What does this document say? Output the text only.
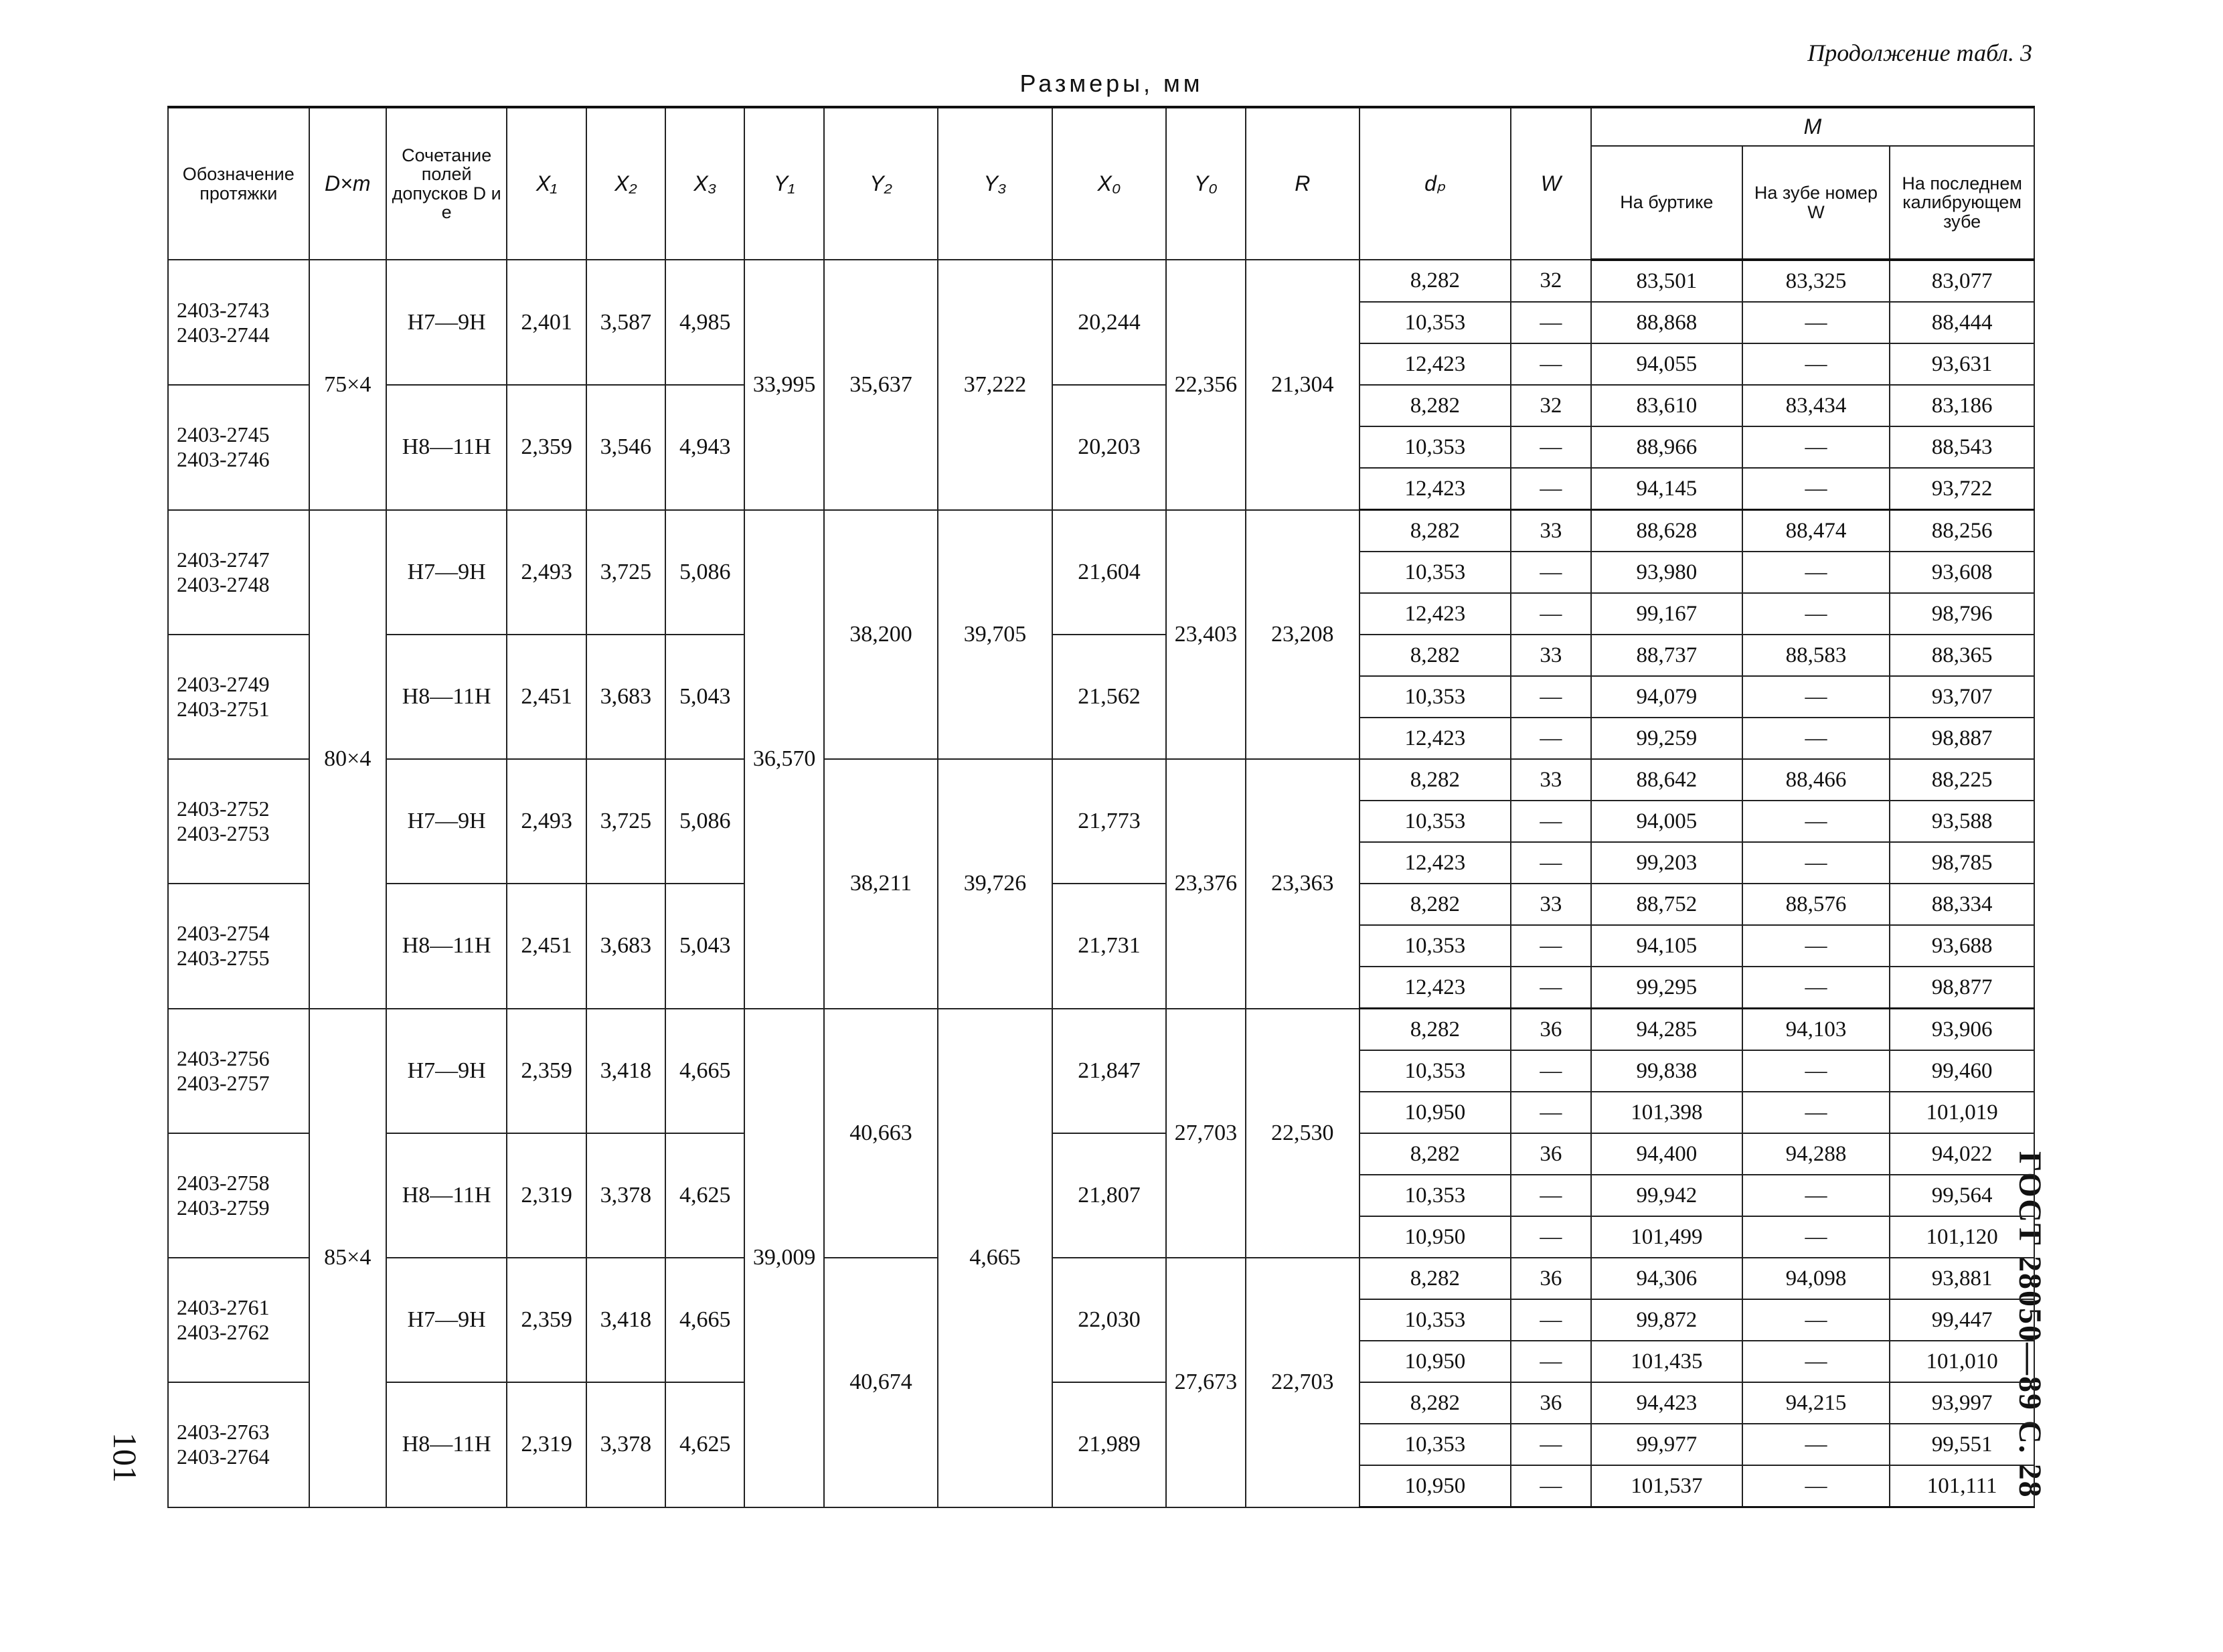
Продолжение табл. 3
Размеры, мм
ГОСТ 28050—89 С. 28
101
Обозначение протяжки	D×m	Сочетание полей допусков D и e	X₁	X₂	X₃	Y₁	Y₂	Y₃	X₀	Y₀	R	dₚ	W	M		
														На буртике	На зубе номер W	На последнем калибрующем зубе

2403-2743
2403-2744	75×4	H7—9H	2,401	3,587	4,985	33,995	35,637	37,222	20,244	22,356	21,304	8,282	32	83,501	83,325	83,077
												10,353	—	88,868	—	88,444
												12,423	—	94,055	—	93,631

2403-2745
2403-2746		H8—11H	2,359	3,546	4,943				20,203			8,282	32	83,610	83,434	83,186
												10,353	—	88,966	—	88,543
												12,423	—	94,145	—	93,722

2403-2747
2403-2748	80×4	H7—9H	2,493	3,725	5,086	36,570	38,200	39,705	21,604	23,403	23,208	8,282	33	88,628	88,474	88,256
												10,353	—	93,980	—	93,608
												12,423	—	99,167	—	98,796

2403-2749
2403-2751		H8—11H	2,451	3,683	5,043				21,562			8,282	33	88,737	88,583	88,365
												10,353	—	94,079	—	93,707
												12,423	—	99,259	—	98,887

2403-2752
2403-2753		H7—9H	2,493	3,725	5,086		38,211	39,726	21,773	23,376	23,363	8,282	33	88,642	88,466	88,225
												10,353	—	94,005	—	93,588
												12,423	—	99,203	—	98,785

2403-2754
2403-2755		H8—11H	2,451	3,683	5,043				21,731			8,282	33	88,752	88,576	88,334
												10,353	—	94,105	—	93,688
												12,423	—	99,295	—	98,877

2403-2756
2403-2757	85×4	H7—9H	2,359	3,418	4,665	39,009	40,663	4,665	21,847	27,703	22,530	8,282	36	94,285	94,103	93,906
												10,353	—	99,838	—	99,460
												10,950	—	101,398	—	101,019

2403-2758
2403-2759		H8—11H	2,319	3,378	4,625				21,807			8,282	36	94,400	94,288	94,022
												10,353	—	99,942	—	99,564
												10,950	—	101,499	—	101,120

2403-2761
2403-2762		H7—9H	2,359	3,418	4,665		40,674		22,030	27,673	22,703	8,282	36	94,306	94,098	93,881
												10,353	—	99,872	—	99,447
												10,950	—	101,435	—	101,010

2403-2763
2403-2764		H8—11H	2,319	3,378	4,625				21,989			8,282	36	94,423	94,215	93,997
												10,353	—	99,977	—	99,551
												10,950	—	101,537	—	101,111
